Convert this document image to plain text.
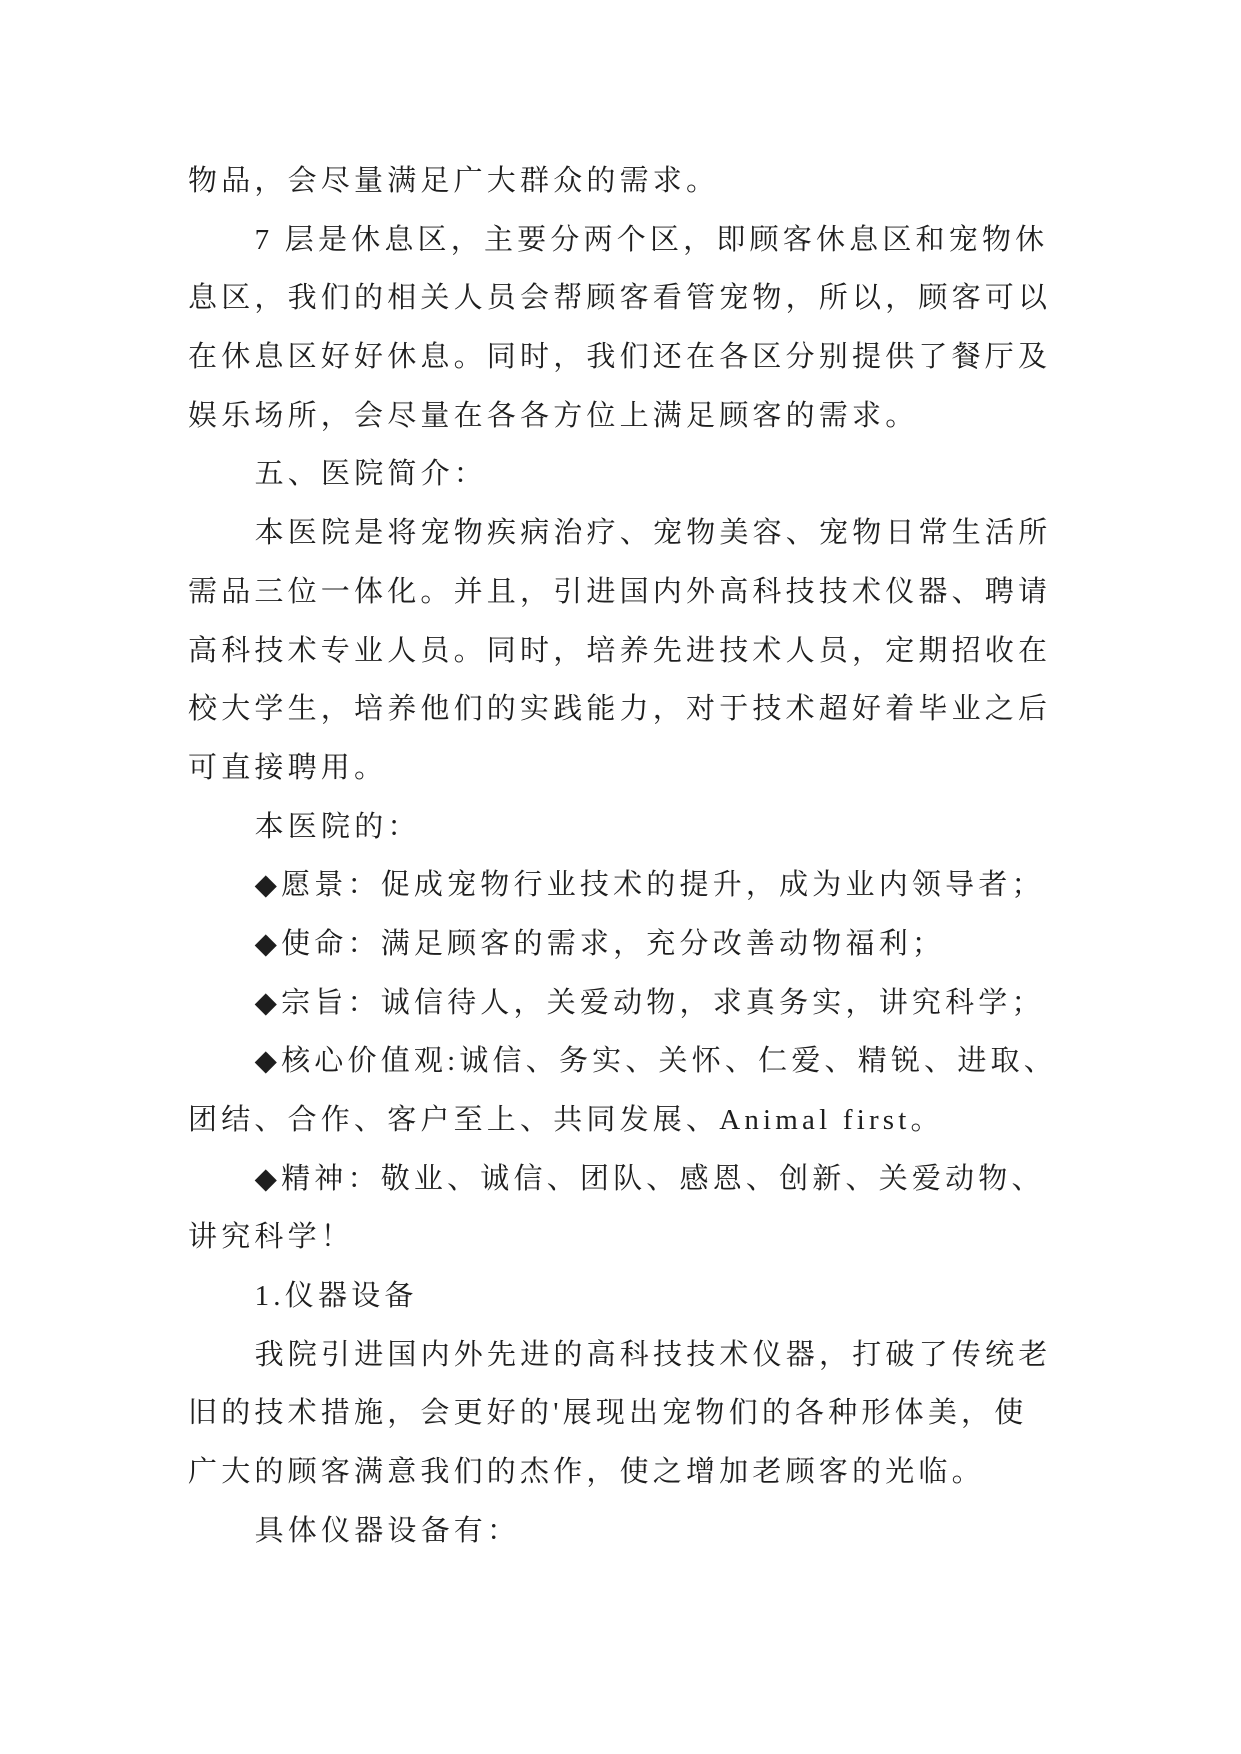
物品，会尽量满足广大群众的需求。
7 层是休息区，主要分两个区，即顾客休息区和宠物休
息区，我们的相关人员会帮顾客看管宠物，所以，顾客可以
在休息区好好休息。同时，我们还在各区分别提供了餐厅及
娱乐场所，会尽量在各各方位上满足顾客的需求。
五、医院简介：
本医院是将宠物疾病治疗、宠物美容、宠物日常生活所
需品三位一体化。并且，引进国内外高科技技术仪器、聘请
高科技术专业人员。同时，培养先进技术人员，定期招收在
校大学生，培养他们的实践能力，对于技术超好着毕业之后
可直接聘用。
本医院的：
◆愿景：促成宠物行业技术的提升，成为业内领导者；
◆使命：满足顾客的需求，充分改善动物福利；
◆宗旨：诚信待人，关爱动物，求真务实，讲究科学；
◆核心价值观:诚信、务实、关怀、仁爱、精锐、进取、
团结、合作、客户至上、共同发展、Animal first。
◆精神：敬业、诚信、团队、感恩、创新、关爱动物、
讲究科学！
1.仪器设备
我院引进国内外先进的高科技技术仪器，打破了传统老
旧的技术措施，会更好的'展现出宠物们的各种形体美，使
广大的顾客满意我们的杰作，使之增加老顾客的光临。
具体仪器设备有：
